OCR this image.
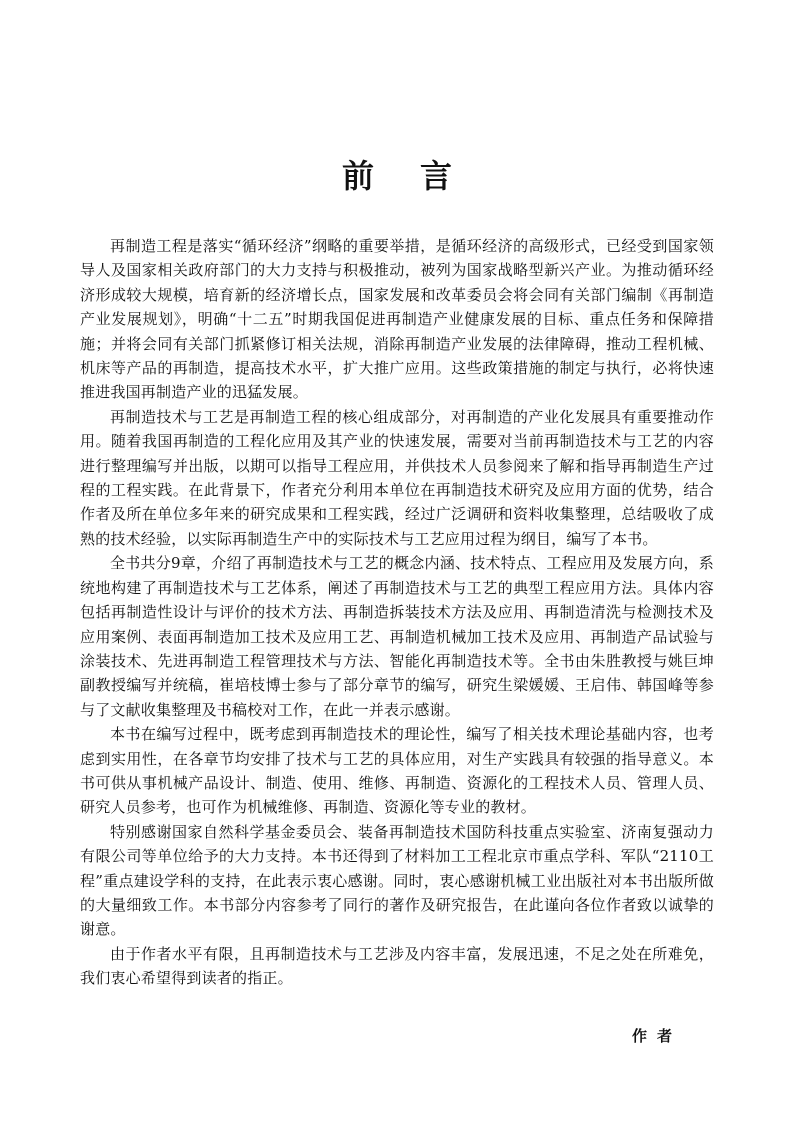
前言

再制造工程是落实“循环经济”纲略的重要举措，是循环经济的高级形式，已经受到国家领导人及国家相关政府部门的大力支持与积极推动，被列为国家战略型新兴产业。为推动循环经济形成较大规模，培育新的经济增长点，国家发展和改革委员会将会同有关部门编制《再制造产业发展规划》，明确“十二五”时期我国促进再制造产业健康发展的目标、重点任务和保障措施；并将会同有关部门抓紧修订相关法规，消除再制造产业发展的法律障碍，推动工程机械、机床等产品的再制造，提高技术水平，扩大推广应用。这些政策措施的制定与执行，必将快速推进我国再制造产业的迅猛发展。

再制造技术与工艺是再制造工程的核心组成部分，对再制造的产业化发展具有重要推动作用。随着我国再制造的工程化应用及其产业的快速发展，需要对当前再制造技术与工艺的内容进行整理编写并出版，以期可以指导工程应用，并供技术人员参阅来了解和指导再制造生产过程的工程实践。在此背景下，作者充分利用本单位在再制造技术研究及应用方面的优势，结合作者及所在单位多年来的研究成果和工程实践，经过广泛调研和资料收集整理，总结吸收了成熟的技术经验，以实际再制造生产中的实际技术与工艺应用过程为纲目，编写了本书。

全书共分9章，介绍了再制造技术与工艺的概念内涵、技术特点、工程应用及发展方向，系统地构建了再制造技术与工艺体系，阐述了再制造技术与工艺的典型工程应用方法。具体内容包括再制造性设计与评价的技术方法、再制造拆装技术方法及应用、再制造清洗与检测技术及应用案例、表面再制造加工技术及应用工艺、再制造机械加工技术及应用、再制造产品试验与涂装技术、先进再制造工程管理技术与方法、智能化再制造技术等。全书由朱胜教授与姚巨坤副教授编写并统稿，崔培枝博士参与了部分章节的编写，研究生梁媛媛、王启伟、韩国峰等参与了文献收集整理及书稿校对工作，在此一并表示感谢。

本书在编写过程中，既考虑到再制造技术的理论性，编写了相关技术理论基础内容，也考虑到实用性，在各章节均安排了技术与工艺的具体应用，对生产实践具有较强的指导意义。本书可供从事机械产品设计、制造、使用、维修、再制造、资源化的工程技术人员、管理人员、研究人员参考，也可作为机械维修、再制造、资源化等专业的教材。

特别感谢国家自然科学基金委员会、装备再制造技术国防科技重点实验室、济南复强动力有限公司等单位给予的大力支持。本书还得到了材料加工工程北京市重点学科、军队“2110工程”重点建设学科的支持，在此表示衷心感谢。同时，衷心感谢机械工业出版社对本书出版所做的大量细致工作。本书部分内容参考了同行的著作及研究报告，在此谨向各位作者致以诚挚的谢意。

由于作者水平有限，且再制造技术与工艺涉及内容丰富，发展迅速，不足之处在所难免，我们衷心希望得到读者的指正。

作者
